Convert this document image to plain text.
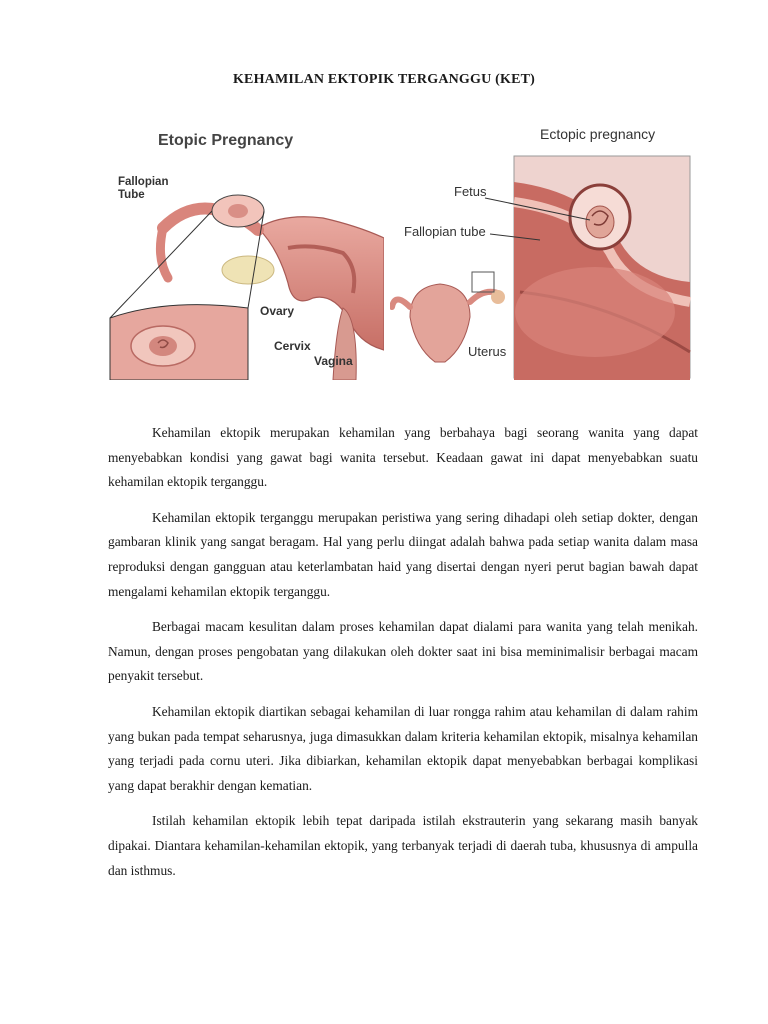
KEHAMILAN EKTOPIK TERGANGGU (KET)
Etopic Pregnancy
Fallopian
Tube
Ovary
Cervix
Vagina
Ectopic pregnancy
Fetus
Fallopian tube
Uterus

Kehamilan ektopik merupakan kehamilan yang berbahaya bagi seorang wanita yang dapat menyebabkan kondisi yang gawat bagi wanita tersebut. Keadaan gawat ini dapat menyebabkan suatu kehamilan ektopik terganggu.

Kehamilan ektopik terganggu merupakan peristiwa yang sering dihadapi oleh setiap dokter, dengan gambaran klinik yang sangat beragam. Hal yang perlu diingat adalah bahwa pada setiap wanita dalam masa reproduksi dengan gangguan atau keterlambatan haid yang disertai dengan nyeri perut bagian bawah dapat mengalami kehamilan ektopik terganggu.

Berbagai macam kesulitan dalam proses kehamilan dapat dialami para wanita yang telah menikah. Namun, dengan proses pengobatan yang dilakukan oleh dokter saat ini bisa meminimalisir berbagai macam penyakit tersebut.

Kehamilan ektopik diartikan sebagai kehamilan di luar rongga rahim atau kehamilan di dalam rahim yang bukan pada tempat seharusnya, juga dimasukkan dalam kriteria kehamilan ektopik, misalnya kehamilan yang terjadi pada cornu uteri. Jika dibiarkan, kehamilan ektopik dapat menyebabkan berbagai komplikasi yang dapat berakhir dengan kematian.

Istilah kehamilan ektopik lebih tepat daripada istilah ekstrauterin yang sekarang masih banyak dipakai. Diantara kehamilan-kehamilan ektopik, yang terbanyak terjadi di daerah tuba, khususnya di ampulla dan isthmus.
